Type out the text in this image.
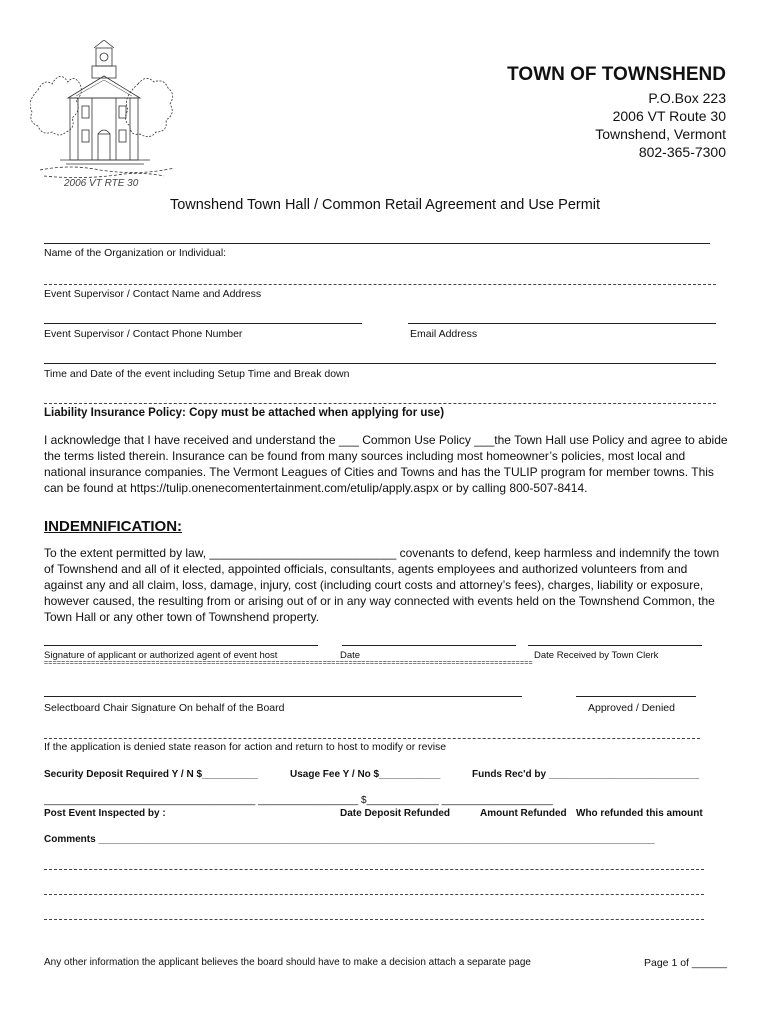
2006 VT RTE 30
TOWN OF TOWNSHEND
P.O.Box 223
2006 VT Route 30
Townshend, Vermont
802-365-7300
Townshend Town Hall / Common Retail Agreement and Use Permit
Name of the Organization or Individual:
Event Supervisor / Contact Name and Address
Event Supervisor / Contact Phone Number	Email Address
Time and Date of the event including Setup Time and Break down
Liability Insurance Policy: Copy must be attached when applying for use)
I acknowledge that I have received and understand the ___ Common Use Policy ___the Town Hall use Policy and agree to abide the terms listed therein. Insurance can be found from many sources including most homeowner’s policies, most local and national insurance companies. The Vermont Leagues of Cities and Towns and has the TULIP program for member towns. This can be found at https://tulip.onenecomentertainment.com/etulip/apply.aspx or by calling 800-507-8414.
INDEMNIFICATION:
To the extent permitted by law, ____________________________ covenants to defend, keep harmless and indemnify the town of Townshend and all of it elected, appointed officials, consultants, agents employees and authorized volunteers from and against any and all claim, loss, damage, injury, cost (including court costs and attorney’s fees), charges, liability or exposure, however caused, the resulting from or arising out of or in any way connected with events held on the Townshend Common, the Town Hall or any other town of Townshend property.
Signature of applicant or authorized agent of event host	Date	Date Received by Town Clerk
==================================================================================================================
Selectboard Chair Signature On behalf of the Board	Approved / Denied
If the application is denied state reason for action and return to host to modify or revise
Security Deposit Required Y / N $__________	Usage Fee Y / No $___________	Funds Rec'd by ___________________________
______________________________________ __________________ $_____________ ____________________
Post Event Inspected by :	Date Deposit Refunded	Amount Refunded Who refunded this amount
Comments ____________________________________________________________________________________________________
Any other information the applicant believes the board should have to make a decision attach a separate page	Page 1 of ______
